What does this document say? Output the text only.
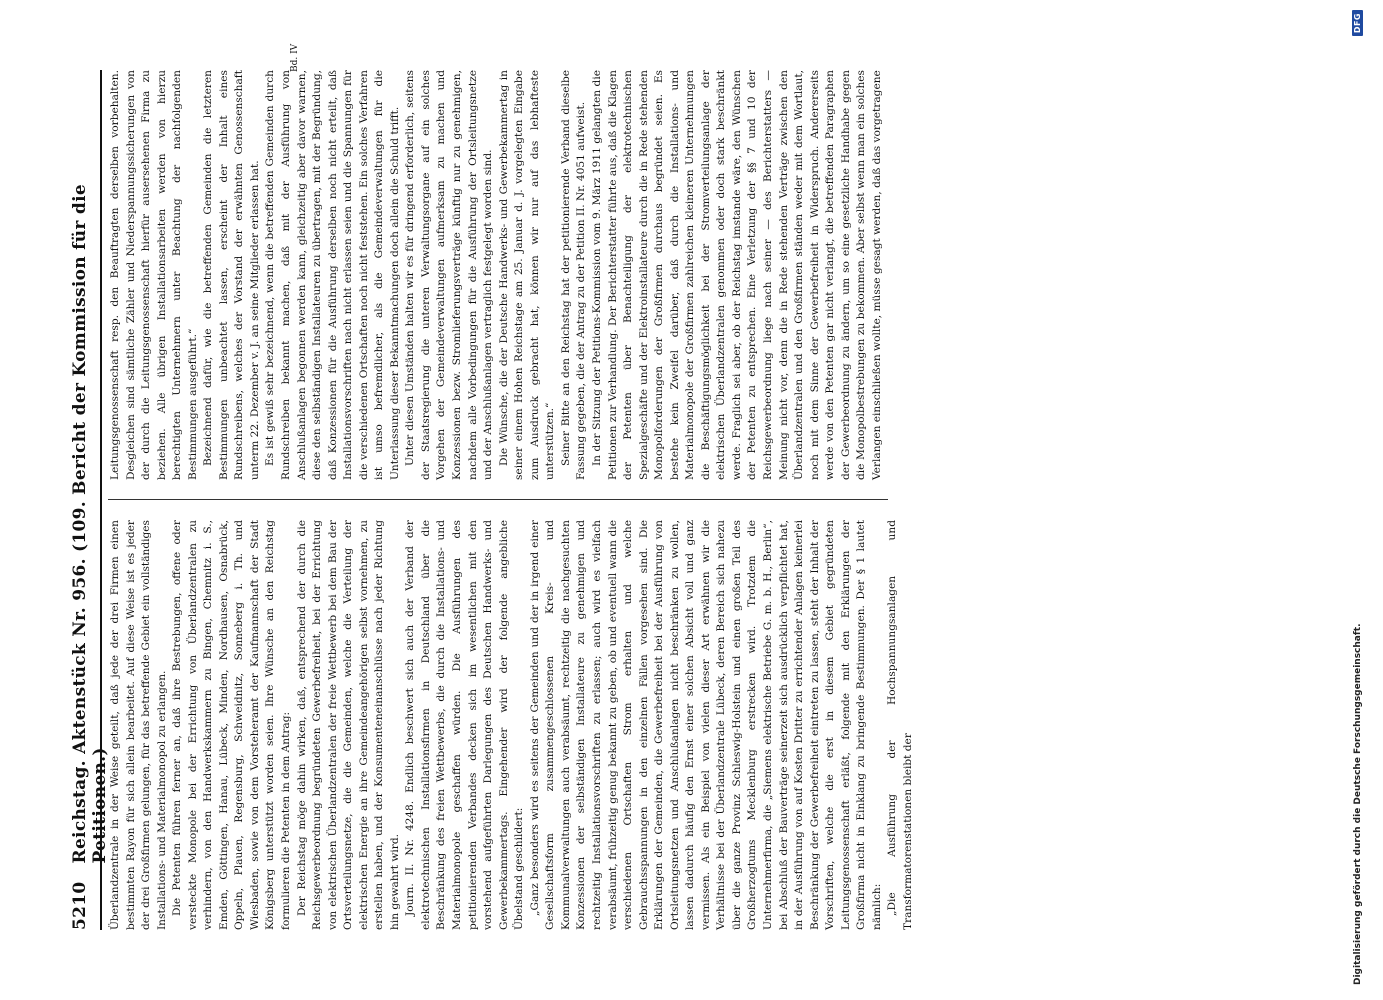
5210
Reichstag. Aktenstück Nr. 956. (109. Bericht der Kommission für die Petitionen.) Überlandzentrale in der Weise geteilt, daß jede der drei Firmen einen bestimmten Rayon für sich allein bearbeitet. Auf diese Weise ist es jeder der drei Großfirmen gelungen, für das betreffende Gebiet ein vollständiges Installations- und Materialmonopol zu erlangen. Die Petenten führen ferner an, daß ihre Bestrebungen, offene oder versteckte Monopole bei der Errichtung von Überlandzentralen zu verhindern, von den Handwerkskammern zu Bingen, Chemnitz i. S., Emden, Göttingen, Hanau, Lübeck, Minden, Nordhausen, Osnabrück, Oppeln, Plauen, Regensburg, Schweidnitz, Sonneberg i. Th. und Wiesbaden, sowie von dem Vorsteheramt der Kaufmannschaft der Stadt Königsberg unterstützt worden seien. Ihre Wünsche an den Reichstag formulieren die Petenten in dem Antrag: Der Reichstag möge dahin wirken, daß, entsprechend der durch die Reichsgewerbeordnung begründeten Gewerbefreiheit, bei der Errichtung von elektrischen Überlandzentralen der freie Wettbewerb bei dem Bau der Ortsverteilungsnetze, die die Gemeinden, welche die Verteilung der elektrischen Energie an ihre Gemeindeangehörigen selbst vornehmen, zu erstellen haben, und der Konsumenteneinanschlüsse nach jeder Richtung hin gewahrt wird. Journ. II. Nr. 4248. Endlich beschwert sich auch der Verband der elektrotechnischen Installationsfirmen in Deutschland über die Beschränkung des freien Wettbewerbs, die durch die Installations- und Materialmonopole geschaffen würden. Die Ausführungen des petitionierenden Verbandes decken sich im wesentlichen mit den vorstehend aufgeführten Darlegungen des Deutschen Handwerks- und Gewerbekammertags. Eingehender wird der folgende angebliche Übelstand geschildert: „Ganz besonders wird es seitens der Gemeinden und der in irgend einer Gesellschaftsform zusammengeschlossenen Kreis- und Kommunalverwaltungen auch verabsäumt, rechtzeitig die nachgesuchten Konzessionen der selbständigen Installateure zu genehmigen und rechtzeitig Installationsvorschriften zu erlassen; auch wird es vielfach verabsäumt, frühzeitig genug bekannt zu geben, ob und eventuell wann die verschiedenen Ortschaften Strom erhalten und welche Gebrauchsspannungen in den einzelnen Fällen vorgesehen sind. Die Erklärungen der Gemeinden, die Gewerbefreiheit bei der Ausführung von Ortsleitungsnetzen und Anschlußanlagen nicht beschränken zu wollen, lassen dadurch häufig den Ernst einer solchen Absicht voll und ganz vermissen. Als ein Beispiel von vielen dieser Art erwähnen wir die Verhältnisse bei der Überlandzentrale Lübeck, deren Bereich sich nahezu über die ganze Provinz Schleswig-Holstein und einen großen Teil des Großherzogtums Mecklenburg erstrecken wird. Trotzdem die Unternehmerfirma, die „Siemens elektrische Betriebe G. m. b. H., Berlin“, bei Abschluß der Bauverträge seinerzeit sich ausdrücklich verpflichtet hat, in der Ausführung von auf Kosten Dritter zu errichtender Anlagen keinerlei Beschränkung der Gewerbefreiheit eintreten zu lassen, steht der Inhalt der Vorschriften, welche die erst in diesem Gebiet gegründeten Leitungsgenossenschaft erläßt, folgende mit den Erklärungen der Großfirma nicht in Einklang zu bringende Bestimmungen. Der § 1 lautet nämlich: „Die Ausführung der Hochspannungsanlagen und Transformatorenstationen bleibt der

Leitungsgenossenschaft resp. den Beauftragten derselben vorbehalten. Desgleichen sind sämtliche Zähler und Niederspannungssicherungen von der durch die Leitungsgenossenschaft hierfür ausersehenen Firma zu beziehen. Alle übrigen Installationsarbeiten werden von hierzu berechtigten Unternehmern unter Beachtung der nachfolgenden Bestimmungen ausgeführt.“ Bezeichnend dafür, wie die betreffenden Gemeinden die letzteren Bestimmungen unbeachtet lassen, erscheint der Inhalt eines Rundschreibens, welches der Vorstand der erwähnten Genossenschaft unterm 22. Dezember v. J. an seine Mitglieder erlassen hat. Es ist gewiß sehr bezeichnend, wenn die betreffenden Gemeinden durch Rundschreiben bekannt machen, daß mit der Ausführung von Anschlußanlagen begonnen werden kann, gleichzeitig aber davor warnen, diese den selbständigen Installateuren zu übertragen, mit der Begründung, daß Konzessionen für die Ausführung derselben noch nicht erteilt, daß Installationsvorschriften nach nicht erlassen seien und die Spannungen für die verschiedenen Ortschaften noch nicht feststehen. Ein solches Verfahren ist umso befremdlicher, als die Gemeindeverwaltungen für die Unterlassung dieser Bekanntmachungen doch allein die Schuld trifft. Unter diesen Umständen halten wir es für dringend erforderlich, seitens der Staatsregierung die unteren Verwaltungsorgane auf ein solches Vorgehen der Gemeindeverwaltungen aufmerksam zu machen und Konzessionen bezw. Stromlieferungsverträge künftig nur zu genehmigen, nachdem alle Vorbedingungen für die Ausführung der Ortsleitungsnetze und der Anschlußanlagen vertraglich festgelegt worden sind. Die Wünsche, die der Deutsche Handwerks- und Gewerbekammertag in seiner einem Hohen Reichstage am 25. Januar d. J. vorgelegten Eingabe zum Ausdruck gebracht hat, können wir nur auf das lebhafteste unterstützen.“ Seiner Bitte an den Reichstag hat der petitionierende Verband dieselbe Fassung gegeben, die der Antrag zu der Petition II. Nr. 4051 aufweist. In der Sitzung der Petitions-Kommission vom 9. März 1911 gelangten die Petitionen zur Verhandlung. Der Berichterstatter führte aus, daß die Klagen der Petenten über Benachteiligung der elektrotechnischen Spezialgeschäfte und der Elektroinstallateure durch die in Rede stehenden Monopolforderungen der Großfirmen durchaus begründet seien. Es bestehe kein Zweifel darüber, daß durch die Installations- und Materialmonopole der Großfirmen zahlreichen kleineren Unternehmungen die Beschäftigungsmöglichkeit bei der Stromverteilungsanlage der elektrischen Überlandzentralen genommen oder doch stark beschränkt werde. Fraglich sei aber, ob der Reichstag imstande wäre, den Wünschen der Petenten zu entsprechen. Eine Verletzung der §§ 7 und 10 der Reichsgewerbeordnung liege nach seiner — des Berichterstatters — Meinung nicht vor, denn die in Rede stehenden Verträge zwischen den Überlandzentralen und den Großfirmen ständen weder mit dem Wortlaut, noch mit dem Sinne der Gewerbefreiheit in Widerspruch. Andererseits werde von den Petenten gar nicht verlangt, die betreffenden Paragraphen der Gewerbeordnung zu ändern, um so eine gesetzliche Handhabe gegen die Monopolbestrebungen zu bekommen. Aber selbst wenn man ein solches Verlangen einschließen wollte, müsse gesagt werden, daß das vorgetragene

Bd. IV
Digitalisierung gefördert durch die Deutsche Forschungsgemeinschaft.
DFG
